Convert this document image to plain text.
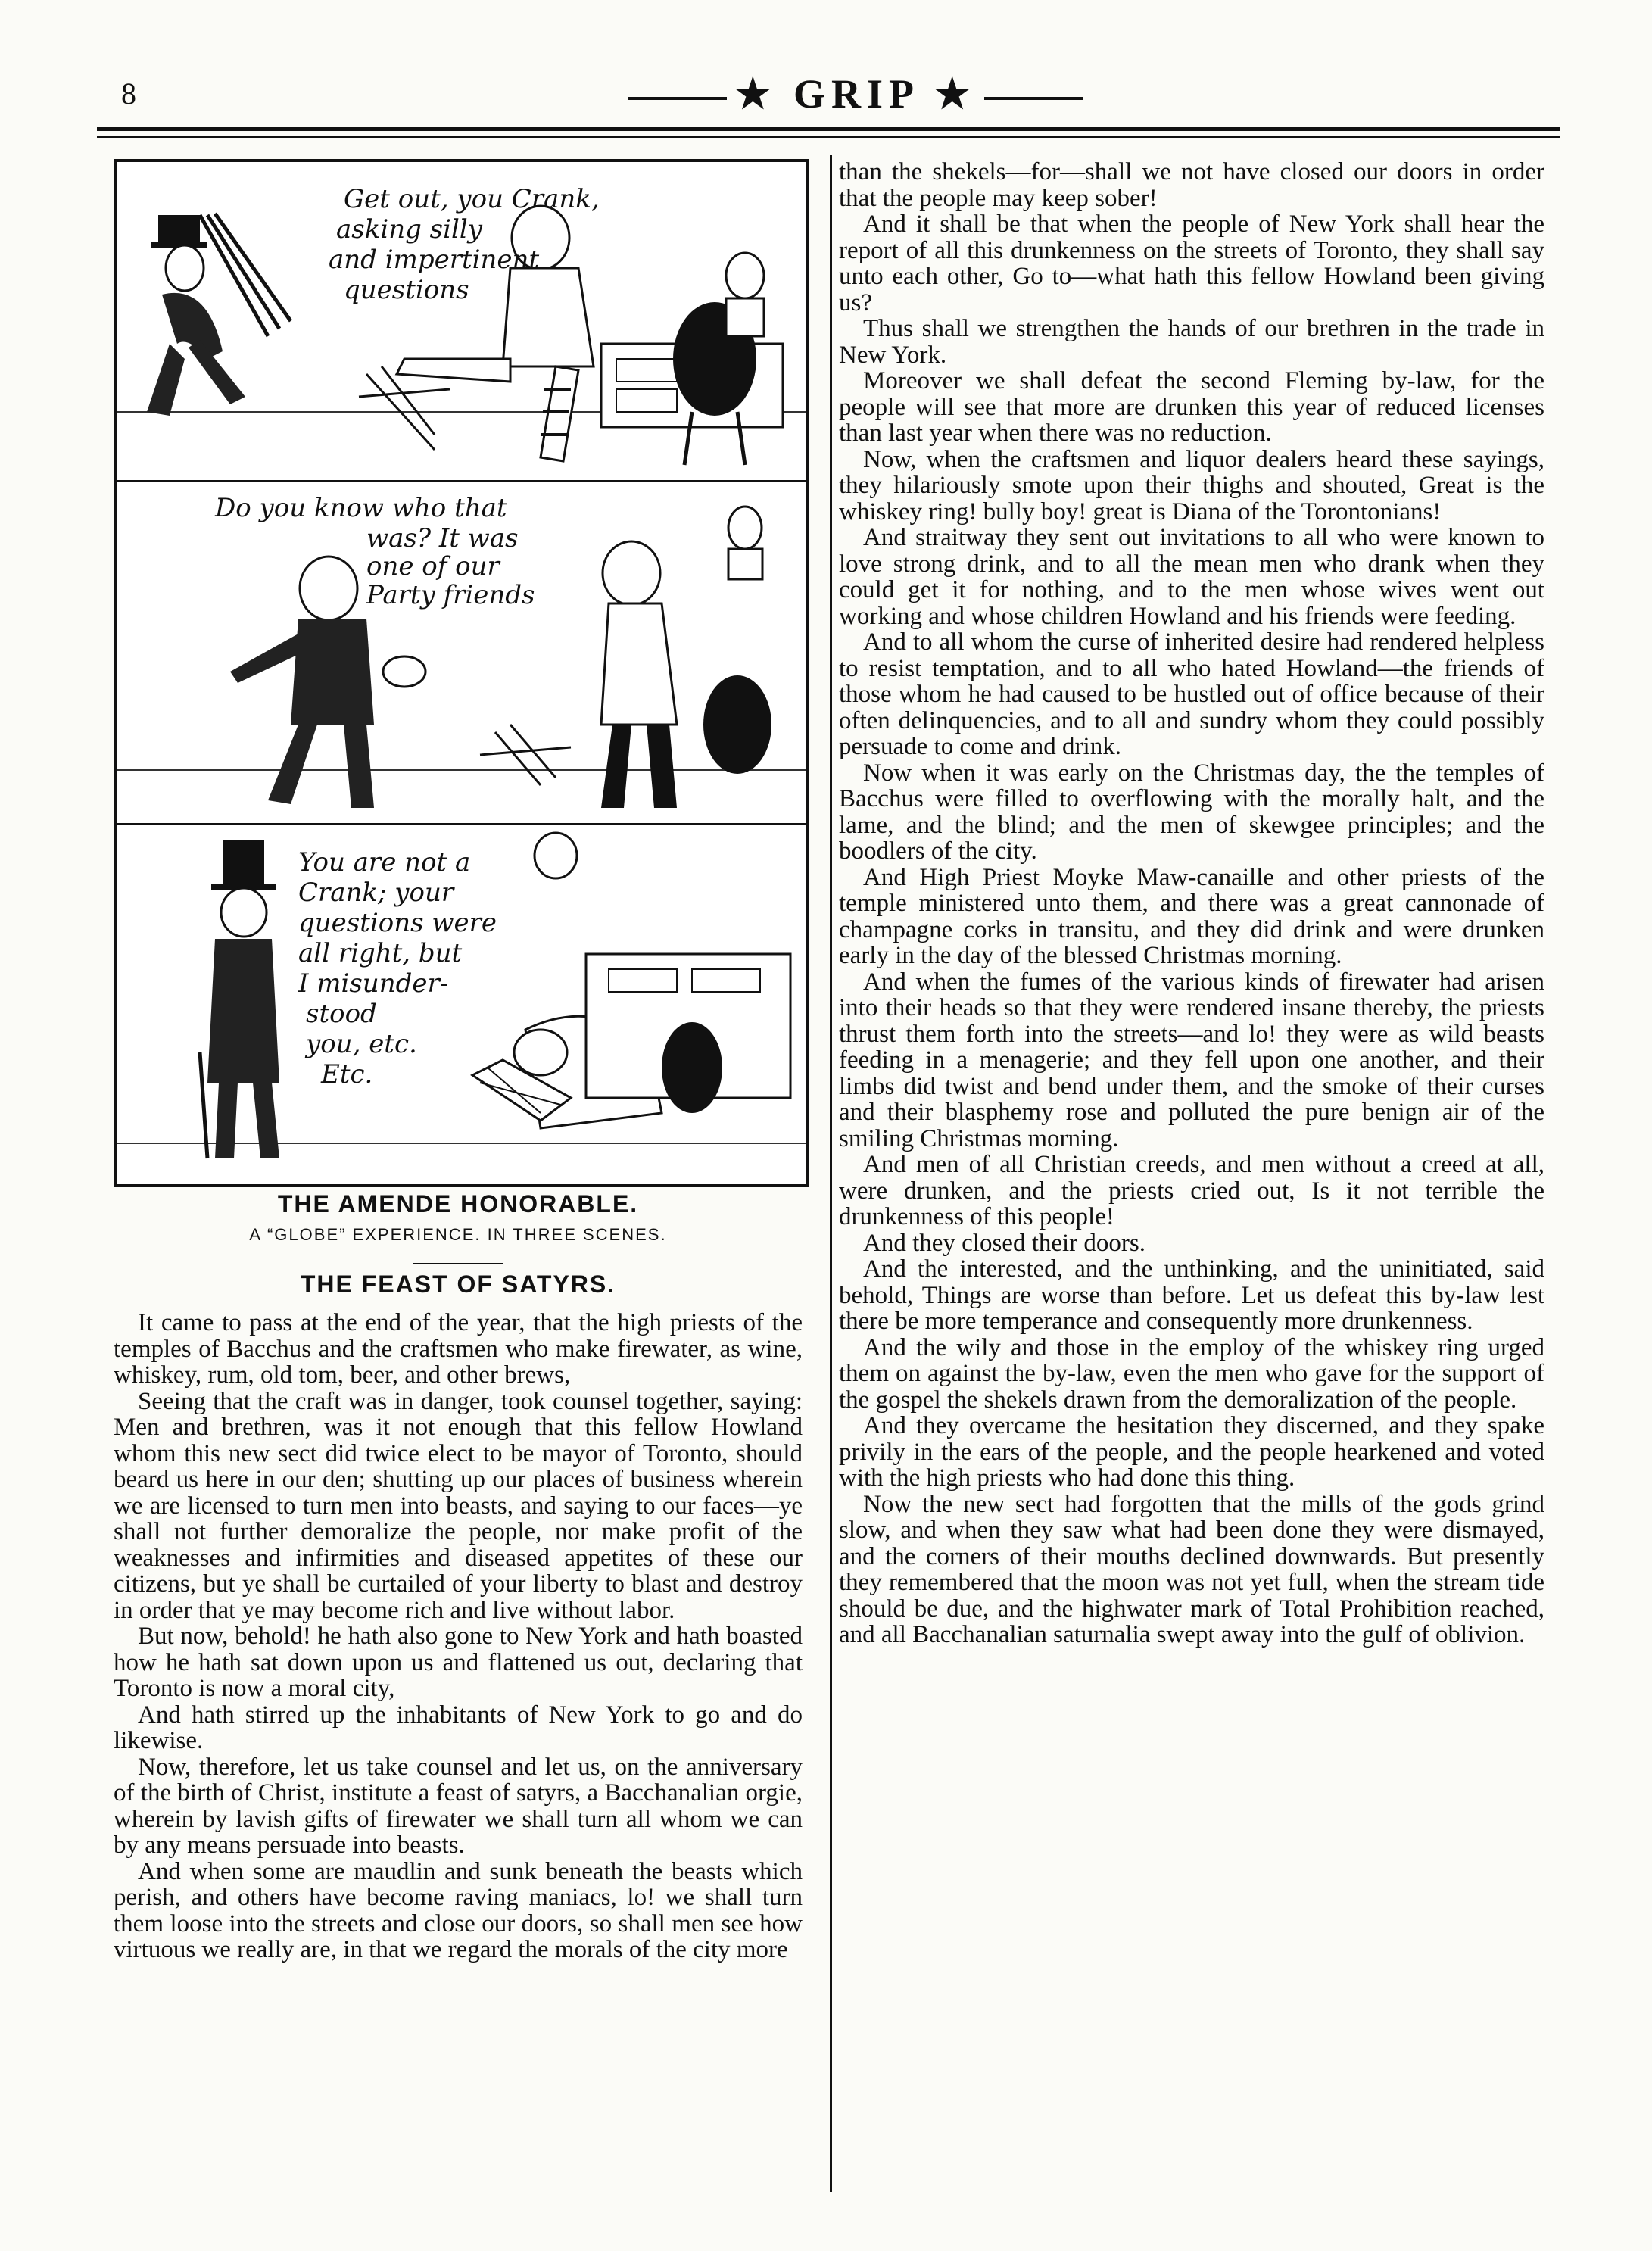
8	★ GRIP ★
Get out, you Crank,
asking silly
and impertinent
questions
Do you know who that
was? It was
one of our
Party friends
You are not a
Crank; your
questions were
all right, but
I misunder-
stood
you, etc.
Etc.
THE AMENDE HONORABLE.
A “GLOBE” EXPERIENCE. IN THREE SCENES.
THE FEAST OF SATYRS.

It came to pass at the end of the year, that the high priests of the temples of Bacchus and the craftsmen who make firewater, as wine, whiskey, rum, old tom, beer, and other brews,

Seeing that the craft was in danger, took counsel together, saying: Men and brethren, was it not enough that this fellow Howland whom this new sect did twice elect to be mayor of Toronto, should beard us here in our den; shutting up our places of business wherein we are licensed to turn men into beasts, and saying to our faces—ye shall not further demoralize the people, nor make profit of the weaknesses and infirmities and diseased appetites of these our citizens, but ye shall be curtailed of your liberty to blast and destroy in order that ye may become rich and live without labor.

But now, behold! he hath also gone to New York and hath boasted how he hath sat down upon us and flattened us out, declaring that Toronto is now a moral city,

And hath stirred up the inhabitants of New York to go and do likewise.

Now, therefore, let us take counsel and let us, on the anniversary of the birth of Christ, institute a feast of satyrs, a Bacchanalian orgie, wherein by lavish gifts of firewater we shall turn all whom we can by any means persuade into beasts.

And when some are maudlin and sunk beneath the beasts which perish, and others have become raving maniacs, lo! we shall turn them loose into the streets and close our doors, so shall men see how virtuous we really are, in that we regard the morals of the city more

than the shekels—for—shall we not have closed our doors in order that the people may keep sober!

And it shall be that when the people of New York shall hear the report of all this drunkenness on the streets of Toronto, they shall say unto each other, Go to—what hath this fellow Howland been giving us?

Thus shall we strengthen the hands of our brethren in the trade in New York.

Moreover we shall defeat the second Fleming by-law, for the people will see that more are drunken this year of reduced licenses than last year when there was no reduction.

Now, when the craftsmen and liquor dealers heard these sayings, they hilariously smote upon their thighs and shouted, Great is the whiskey ring! bully boy! great is Diana of the Torontonians!

And straitway they sent out invitations to all who were known to love strong drink, and to all the mean men who drank when they could get it for nothing, and to the men whose wives went out working and whose children Howland and his friends were feeding.

And to all whom the curse of inherited desire had rendered helpless to resist temptation, and to all who hated Howland—the friends of those whom he had caused to be hustled out of office because of their often delinquencies, and to all and sundry whom they could possibly persuade to come and drink.

Now when it was early on the Christmas day, the the temples of Bacchus were filled to overflowing with the morally halt, and the lame, and the blind; and the men of skewgee principles; and the boodlers of the city.

And High Priest Moyke Maw-canaille and other priests of the temple ministered unto them, and there was a great cannonade of champagne corks in transitu, and they did drink and were drunken early in the day of the blessed Christmas morning.

And when the fumes of the various kinds of firewater had arisen into their heads so that they were rendered insane thereby, the priests thrust them forth into the streets—and lo! they were as wild beasts feeding in a menagerie; and they fell upon one another, and their limbs did twist and bend under them, and the smoke of their curses and their blasphemy rose and polluted the pure benign air of the smiling Christmas morning.

And men of all Christian creeds, and men without a creed at all, were drunken, and the priests cried out, Is it not terrible the drunkenness of this people!

And they closed their doors.

And the interested, and the unthinking, and the uninitiated, said behold, Things are worse than before. Let us defeat this by-law lest there be more temperance and consequently more drunkenness.

And the wily and those in the employ of the whiskey ring urged them on against the by-law, even the men who gave for the support of the gospel the shekels drawn from the demoralization of the people.

And they overcame the hesitation they discerned, and they spake privily in the ears of the people, and the people hearkened and voted with the high priests who had done this thing.

Now the new sect had forgotten that the mills of the gods grind slow, and when they saw what had been done they were dismayed, and the corners of their mouths declined downwards. But presently they remembered that the moon was not yet full, when the stream tide should be due, and the highwater mark of Total Prohibition reached, and all Bacchanalian saturnalia swept away into the gulf of oblivion.
